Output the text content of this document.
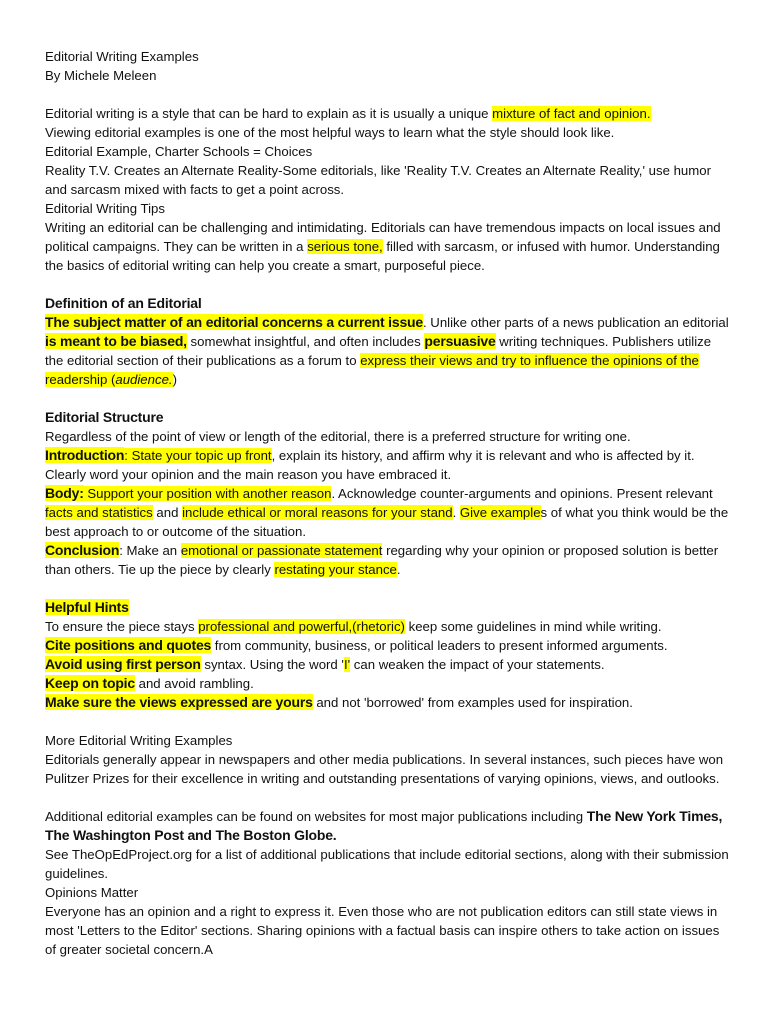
Editorial Writing Examples

By Michele Meleen

Editorial writing is a style that can be hard to explain as it is usually a unique mixture of fact and opinion.

Viewing editorial examples is one of the most helpful ways to learn what the style should look like.

Editorial Example, Charter Schools = Choices

Reality T.V. Creates an Alternate Reality-Some editorials, like 'Reality T.V. Creates an Alternate Reality,' use humor and sarcasm mixed with facts to get a point across.

Editorial Writing Tips

Writing an editorial can be challenging and intimidating. Editorials can have tremendous impacts on local issues and political campaigns. They can be written in a serious tone, filled with sarcasm, or infused with humor. Understanding the basics of editorial writing can help you create a smart, purposeful piece.

Definition of an Editorial

The subject matter of an editorial concerns a current issue. Unlike other parts of a news publication an editorial is meant to be biased, somewhat insightful, and often includes persuasive writing techniques. Publishers utilize the editorial section of their publications as a forum to express their views and try to influence the opinions of the readership (audience.)

Editorial Structure

Regardless of the point of view or length of the editorial, there is a preferred structure for writing one.

Introduction: State your topic up front, explain its history, and affirm why it is relevant and who is affected by it. Clearly word your opinion and the main reason you have embraced it.

Body: Support your position with another reason. Acknowledge counter-arguments and opinions. Present relevant facts and statistics and include ethical or moral reasons for your stand. Give examples of what you think would be the best approach to or outcome of the situation.

Conclusion: Make an emotional or passionate statement regarding why your opinion or proposed solution is better than others. Tie up the piece by clearly restating your stance.

Helpful Hints

To ensure the piece stays professional and powerful,(rhetoric) keep some guidelines in mind while writing.

Cite positions and quotes from community, business, or political leaders to present informed arguments.

Avoid using first person syntax. Using the word 'I' can weaken the impact of your statements.

Keep on topic and avoid rambling.

Make sure the views expressed are yours and not 'borrowed' from examples used for inspiration.

More Editorial Writing Examples

Editorials generally appear in newspapers and other media publications. In several instances, such pieces have won Pulitzer Prizes for their excellence in writing and outstanding presentations of varying opinions, views, and outlooks.

Additional editorial examples can be found on websites for most major publications including The New York Times, The Washington Post and The Boston Globe.

See TheOpEdProject.org for a list of additional publications that include editorial sections, along with their submission guidelines.

Opinions Matter

Everyone has an opinion and a right to express it. Even those who are not publication editors can still state views in most 'Letters to the Editor' sections. Sharing opinions with a factual basis can inspire others to take action on issues of greater societal concern.A
